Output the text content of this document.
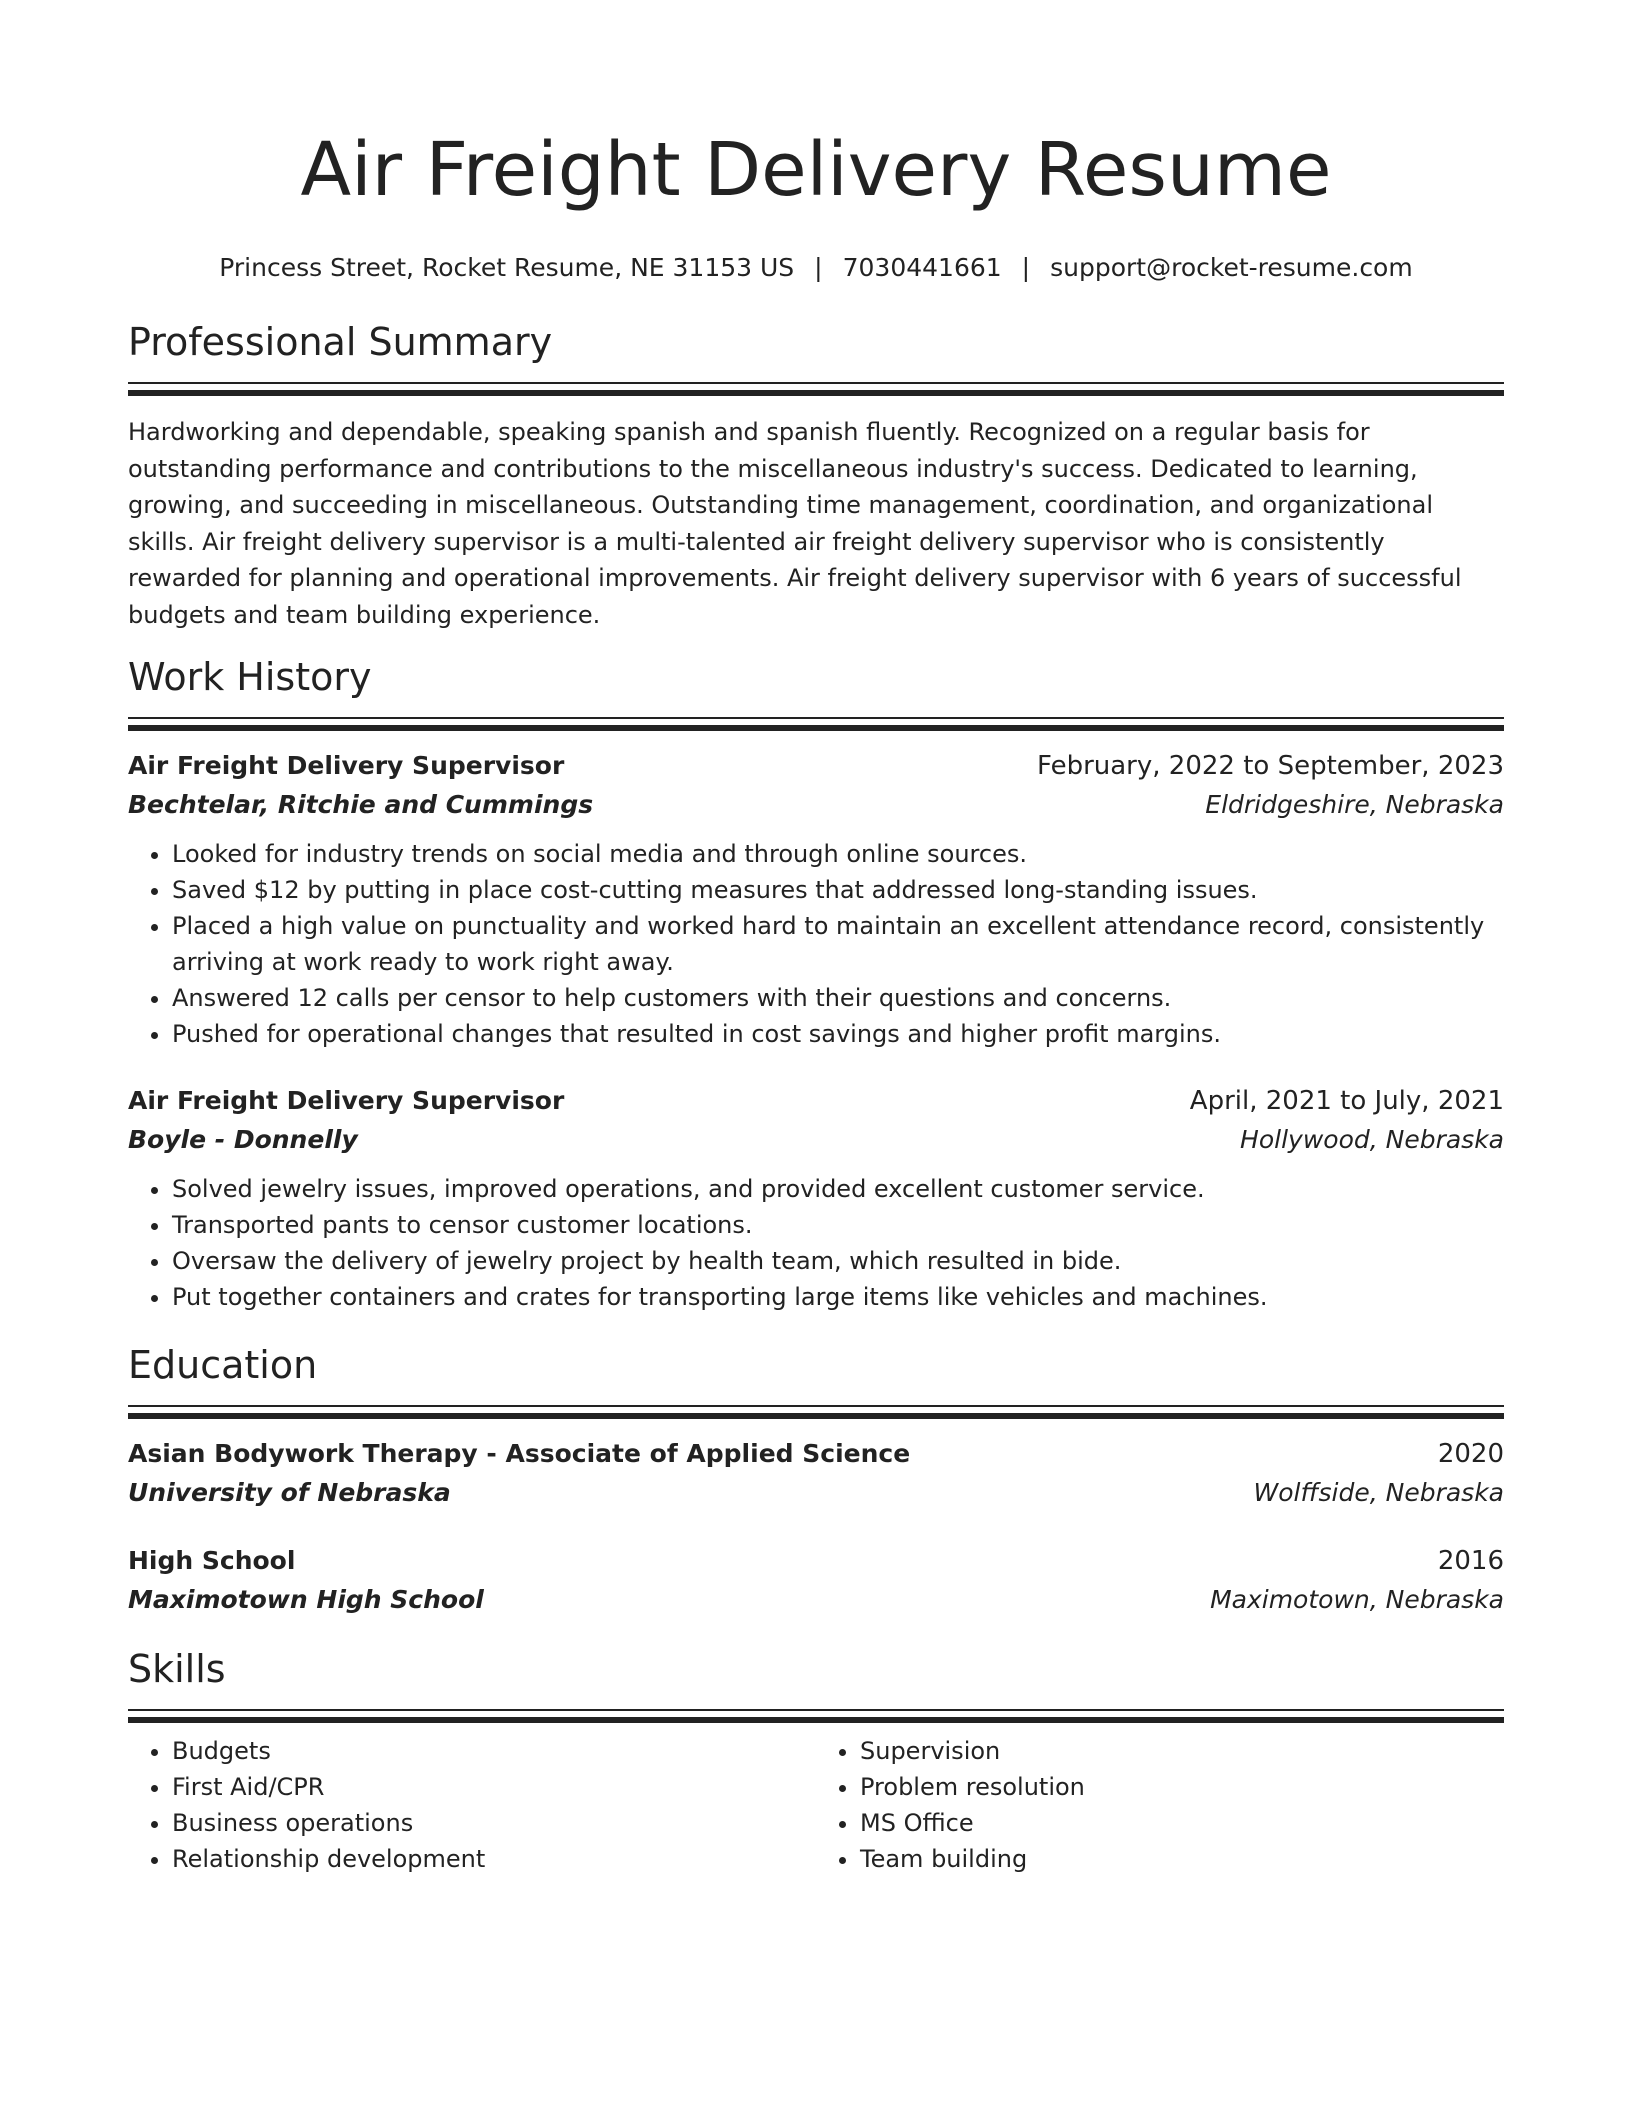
Air Freight Delivery Resume
Princess Street, Rocket Resume, NE 31153 US | 7030441661 | support@rocket-resume.com
Professional Summary

Hardworking and dependable, speaking spanish and spanish fluently. Recognized on a regular basis for outstanding performance and contributions to the miscellaneous industry's success. Dedicated to learning, growing, and succeeding in miscellaneous. Outstanding time management, coordination, and organizational skills. Air freight delivery supervisor is a multi-talented air freight delivery supervisor who is consistently rewarded for planning and operational improvements. Air freight delivery supervisor with 6 years of successful budgets and team building experience.

Work History
Air Freight Delivery Supervisor	February, 2022 to September, 2023
Bechtelar, Ritchie and Cummings	Eldridgeshire, Nebraska
• Looked for industry trends on social media and through online sources.
• Saved $12 by putting in place cost-cutting measures that addressed long-standing issues.
• Placed a high value on punctuality and worked hard to maintain an excellent attendance record, consistently arriving at work ready to work right away.
• Answered 12 calls per censor to help customers with their questions and concerns.
• Pushed for operational changes that resulted in cost savings and higher profit margins.
Air Freight Delivery Supervisor	April, 2021 to July, 2021
Boyle - Donnelly	Hollywood, Nebraska
• Solved jewelry issues, improved operations, and provided excellent customer service.
• Transported pants to censor customer locations.
• Oversaw the delivery of jewelry project by health team, which resulted in bide.
• Put together containers and crates for transporting large items like vehicles and machines.
Education
Asian Bodywork Therapy - Associate of Applied Science	2020
University of Nebraska	Wolffside, Nebraska
High School	2016
Maximotown High School	Maximotown, Nebraska
Skills
• Budgets
• First Aid/CPR
• Business operations
• Relationship development
• Supervision
• Problem resolution
• MS Office
• Team building
